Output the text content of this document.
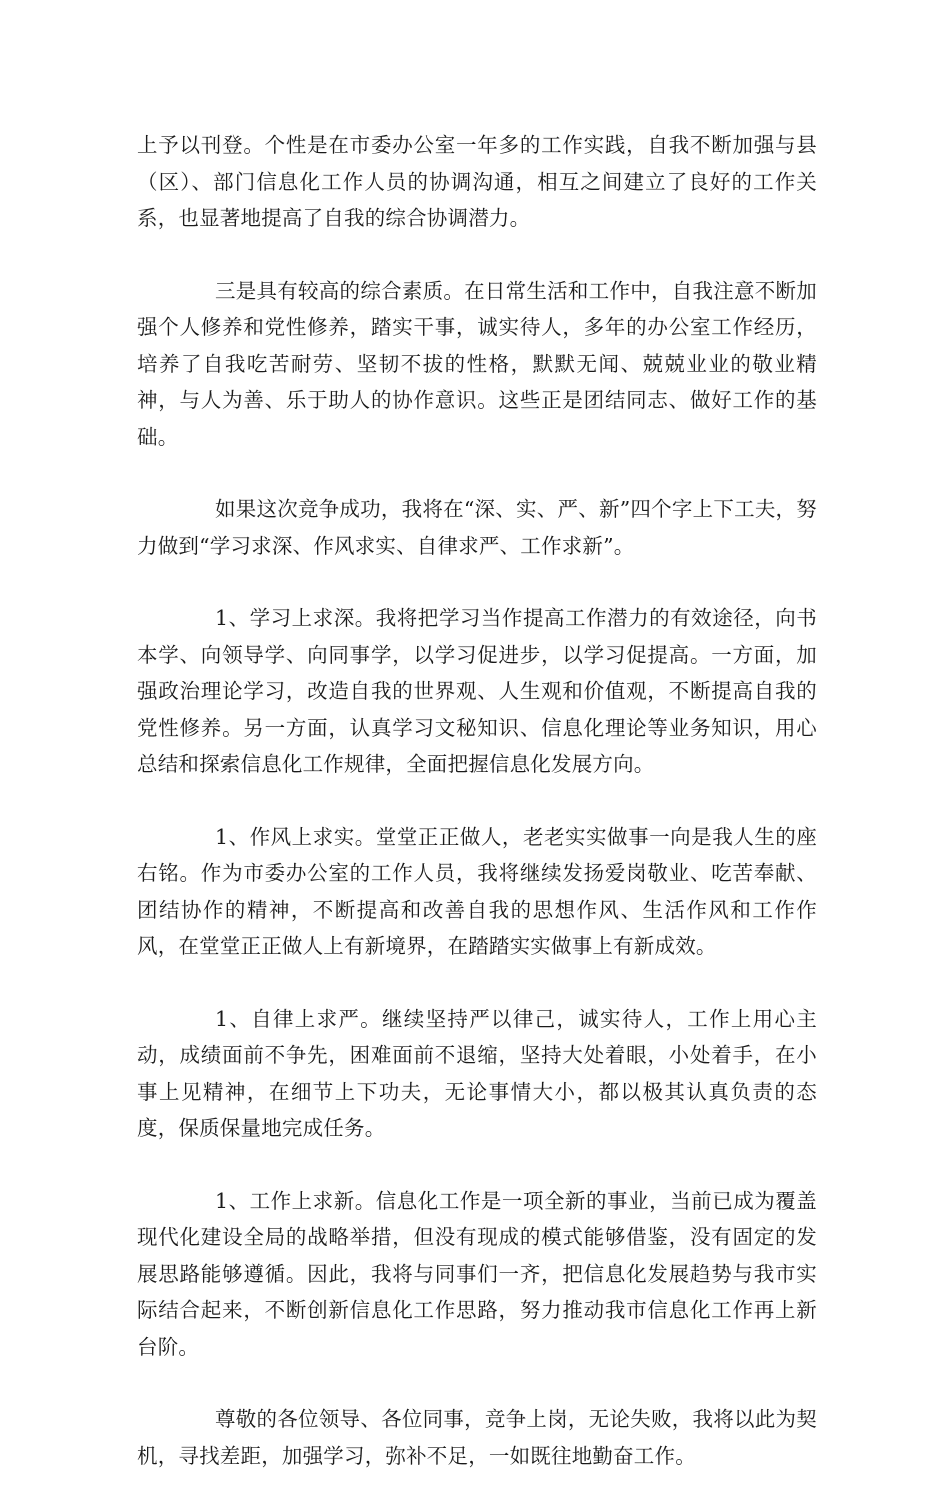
上予以刊登。个性是在市委办公室一年多的工作实践，自我不断加强与县（区）、部门信息化工作人员的协调沟通，相互之间建立了良好的工作关系，也显著地提高了自我的综合协调潜力。

三是具有较高的综合素质。在日常生活和工作中，自我注意不断加强个人修养和党性修养，踏实干事，诚实待人，多年的办公室工作经历，培养了自我吃苦耐劳、坚韧不拔的性格，默默无闻、兢兢业业的敬业精神，与人为善、乐于助人的协作意识。这些正是团结同志、做好工作的基础。

如果这次竞争成功，我将在“深、实、严、新”四个字上下工夫，努力做到“学习求深、作风求实、自律求严、工作求新”。

1、学习上求深。我将把学习当作提高工作潜力的有效途径，向书本学、向领导学、向同事学，以学习促进步，以学习促提高。一方面，加强政治理论学习，改造自我的世界观、人生观和价值观，不断提高自我的党性修养。另一方面，认真学习文秘知识、信息化理论等业务知识，用心总结和探索信息化工作规律，全面把握信息化发展方向。

1、作风上求实。堂堂正正做人，老老实实做事一向是我人生的座右铭。作为市委办公室的工作人员，我将继续发扬爱岗敬业、吃苦奉献、团结协作的精神，不断提高和改善自我的思想作风、生活作风和工作作风，在堂堂正正做人上有新境界，在踏踏实实做事上有新成效。

1、自律上求严。继续坚持严以律己，诚实待人，工作上用心主动，成绩面前不争先，困难面前不退缩，坚持大处着眼，小处着手，在小事上见精神，在细节上下功夫，无论事情大小，都以极其认真负责的态度，保质保量地完成任务。

1、工作上求新。信息化工作是一项全新的事业，当前已成为覆盖现代化建设全局的战略举措，但没有现成的模式能够借鉴，没有固定的发展思路能够遵循。因此，我将与同事们一齐，把信息化发展趋势与我市实际结合起来，不断创新信息化工作思路，努力推动我市信息化工作再上新台阶。

尊敬的各位领导、各位同事，竞争上岗，无论失败，我将以此为契机，寻找差距，加强学习，弥补不足，一如既往地勤奋工作。
